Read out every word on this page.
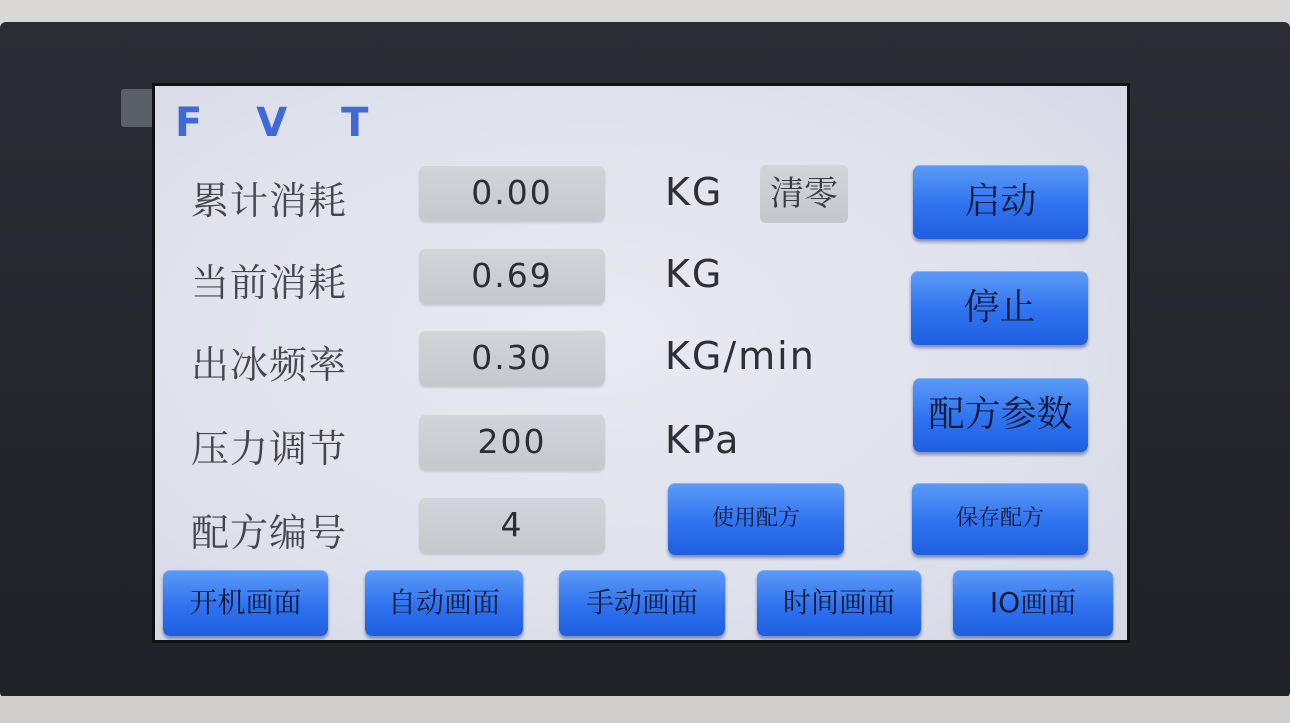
F V T
累计消耗	0.00	KG 清零
当前消耗	0.69	KG
出冰频率	0.30	KG/min
压力调节	200	KPa
配方编号	4
启动
停止
配方参数
使用配方	保存配方
开机画面	自动画面	手动画面	时间画面	IO画面
